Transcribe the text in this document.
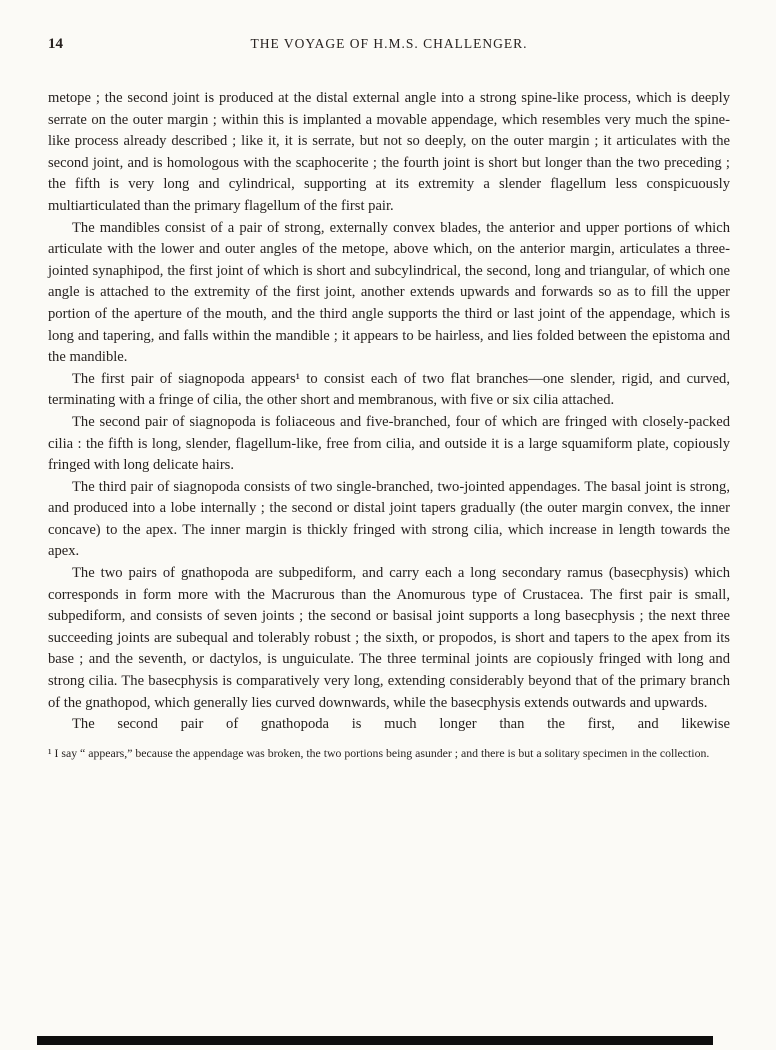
14	THE VOYAGE OF H.M.S. CHALLENGER.

metope ; the second joint is produced at the distal external angle into a strong spine-like process, which is deeply serrate on the outer margin ; within this is implanted a movable appendage, which resembles very much the spine-like process already described ; like it, it is serrate, but not so deeply, on the outer margin ; it articulates with the second joint, and is homologous with the scaphocerite ; the fourth joint is short but longer than the two preceding ; the fifth is very long and cylindrical, supporting at its extremity a slender flagellum less conspicuously multiarticulated than the primary flagellum of the first pair.

The mandibles consist of a pair of strong, externally convex blades, the anterior and upper portions of which articulate with the lower and outer angles of the metope, above which, on the anterior margin, articulates a three-jointed synaphipod, the first joint of which is short and subcylindrical, the second, long and triangular, of which one angle is attached to the extremity of the first joint, another extends upwards and forwards so as to fill the upper portion of the aperture of the mouth, and the third angle supports the third or last joint of the appendage, which is long and tapering, and falls within the mandible ; it appears to be hairless, and lies folded between the epistoma and the mandible.

The first pair of siagnopoda appears¹ to consist each of two flat branches—one slender, rigid, and curved, terminating with a fringe of cilia, the other short and membranous, with five or six cilia attached.

The second pair of siagnopoda is foliaceous and five-branched, four of which are fringed with closely-packed cilia : the fifth is long, slender, flagellum-like, free from cilia, and outside it is a large squamiform plate, copiously fringed with long delicate hairs.

The third pair of siagnopoda consists of two single-branched, two-jointed appendages. The basal joint is strong, and produced into a lobe internally ; the second or distal joint tapers gradually (the outer margin convex, the inner concave) to the apex. The inner margin is thickly fringed with strong cilia, which increase in length towards the apex.

The two pairs of gnathopoda are subpediform, and carry each a long secondary ramus (basecphysis) which corresponds in form more with the Macrurous than the Anomurous type of Crustacea. The first pair is small, subpediform, and consists of seven joints ; the second or basisal joint supports a long basecphysis ; the next three succeeding joints are subequal and tolerably robust ; the sixth, or propodos, is short and tapers to the apex from its base ; and the seventh, or dactylos, is unguiculate. The three terminal joints are copiously fringed with long and strong cilia. The basecphysis is comparatively very long, extending considerably beyond that of the primary branch of the gnathopod, which generally lies curved downwards, while the basecphysis extends outwards and upwards.

The second pair of gnathopoda is much longer than the first, and likewise

¹ I say “ appears,” because the appendage was broken, the two portions being asunder ; and there is but a solitary specimen in the collection.
